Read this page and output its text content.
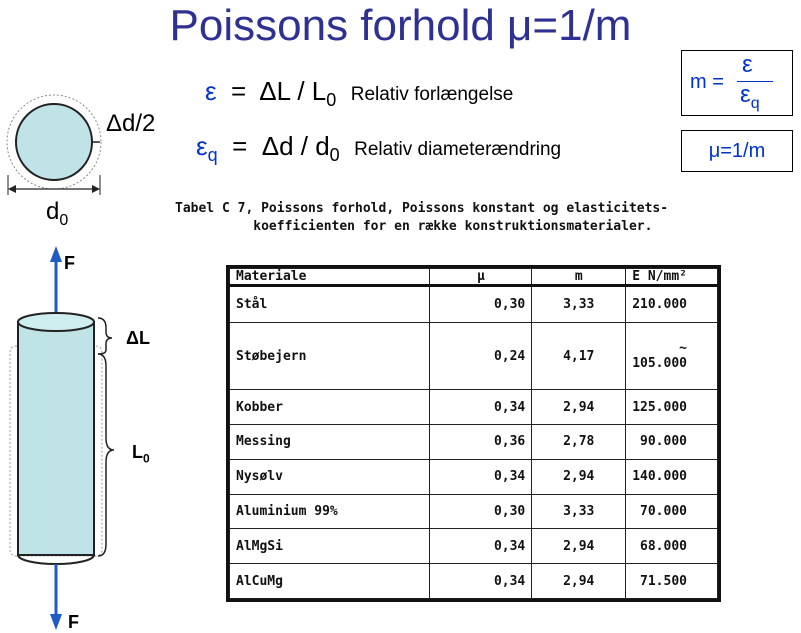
Poissons forhold μ=1/m
$\varepsilon = \Delta L / L_0$ Relativ forlængelse
$\varepsilon_q = \Delta d / d_0$ Relativ diameterændring
m =
ε
$\varepsilon_q$
μ=1/m
Δd/2
$d_0$
F
F
ΔL
$L_0$
Tabel C 7, Poissons forhold, Poissons konstant og elasticitets-
koefficienten for en række konstruktionsmaterialer.
Materiale	μ	m	E N/mm²
Stål	0,30	3,33	210.000
Støbejern	0,24	4,17	~ 105.000
Kobber	0,34	2,94	125.000
Messing	0,36	2,78	90.000
Nysølv	0,34	2,94	140.000
Aluminium 99%	0,30	3,33	70.000
AlMgSi	0,34	2,94	68.000
AlCuMg	0,34	2,94	71.500
